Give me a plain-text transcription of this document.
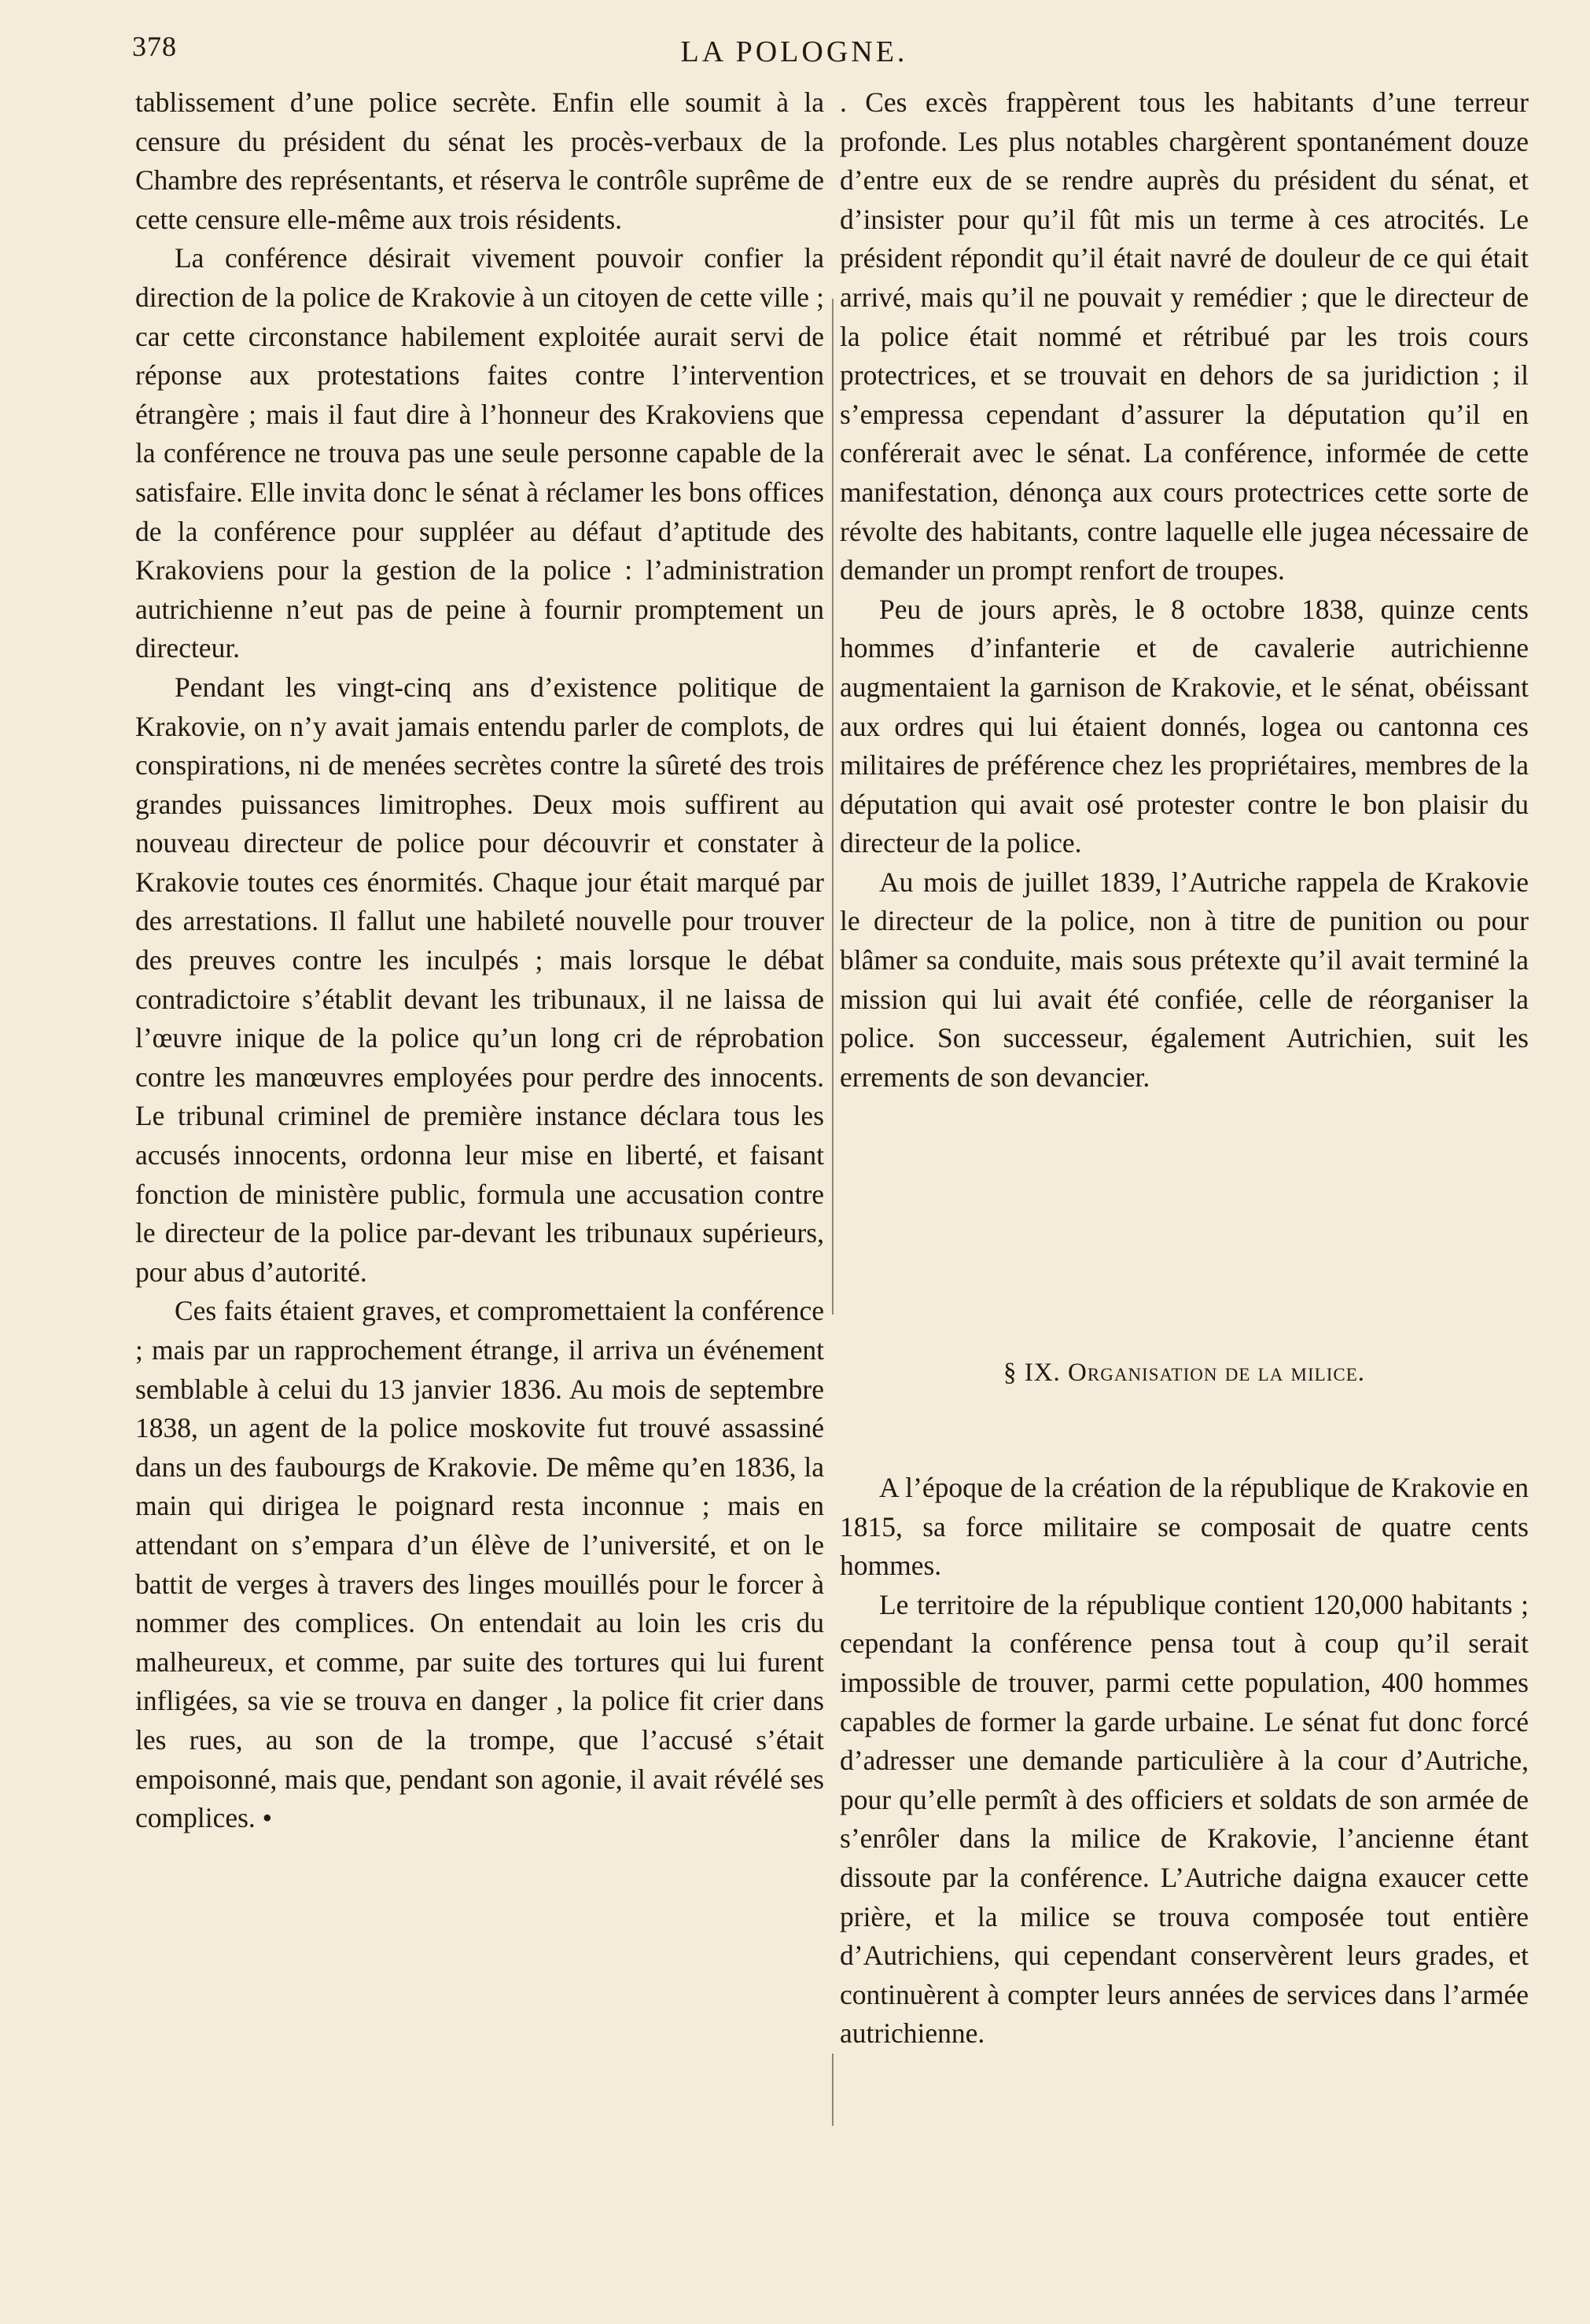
378	LA POLOGNE.

tablissement d’une police secrète. Enfin elle soumit à la censure du président du sénat les procès-verbaux de la Chambre des représentants, et réserva le contrôle suprême de cette censure elle-même aux trois résidents.

La conférence désirait vivement pouvoir confier la direction de la police de Krakovie à un citoyen de cette ville ; car cette circonstance habilement exploitée aurait servi de réponse aux protestations faites contre l’intervention étrangère ; mais il faut dire à l’honneur des Krakoviens que la conférence ne trouva pas une seule personne capable de la satisfaire. Elle invita donc le sénat à réclamer les bons offices de la conférence pour suppléer au défaut d’aptitude des Krakoviens pour la gestion de la police : l’administration autrichienne n’eut pas de peine à fournir promptement un directeur.

Pendant les vingt-cinq ans d’existence politique de Krakovie, on n’y avait jamais entendu parler de complots, de conspirations, ni de menées secrètes contre la sûreté des trois grandes puissances limitrophes. Deux mois suffirent au nouveau directeur de police pour découvrir et constater à Krakovie toutes ces énormités. Chaque jour était marqué par des arrestations. Il fallut une habileté nouvelle pour trouver des preuves contre les inculpés ; mais lorsque le débat contradictoire s’établit devant les tribunaux, il ne laissa de l’œuvre inique de la police qu’un long cri de réprobation contre les manœuvres employées pour perdre des innocents. Le tribunal criminel de première instance déclara tous les accusés innocents, ordonna leur mise en liberté, et faisant fonction de ministère public, formula une accusation contre le directeur de la police par-devant les tribunaux supérieurs, pour abus d’autorité.

Ces faits étaient graves, et compromettaient la conférence ; mais par un rapprochement étrange, il arriva un événement semblable à celui du 13 janvier 1836. Au mois de septembre 1838, un agent de la police moskovite fut trouvé assassiné dans un des faubourgs de Krakovie. De même qu’en 1836, la main qui dirigea le poignard resta inconnue ; mais en attendant on s’empara d’un élève de l’université, et on le battit de verges à travers des linges mouillés pour le forcer à nommer des complices. On entendait au loin les cris du malheureux, et comme, par suite des tortures qui lui furent infligées, sa vie se trouva en danger , la police fit crier dans les rues, au son de la trompe, que l’accusé s’était empoisonné, mais que, pendant son agonie, il avait révélé ses complices. •

. Ces excès frappèrent tous les habitants d’une terreur profonde. Les plus notables chargèrent spontanément douze d’entre eux de se rendre auprès du président du sénat, et d’insister pour qu’il fût mis un terme à ces atrocités. Le président répondit qu’il était navré de douleur de ce qui était arrivé, mais qu’il ne pouvait y remédier ; que le directeur de la police était nommé et rétribué par les trois cours protectrices, et se trouvait en dehors de sa juridiction ; il s’empressa cependant d’assurer la députation qu’il en conférerait avec le sénat. La conférence, informée de cette manifestation, dénonça aux cours protectrices cette sorte de révolte des habitants, contre laquelle elle jugea nécessaire de demander un prompt renfort de troupes.

Peu de jours après, le 8 octobre 1838, quinze cents hommes d’infanterie et de cavalerie autrichienne augmentaient la garnison de Krakovie, et le sénat, obéissant aux ordres qui lui étaient donnés, logea ou cantonna ces militaires de préférence chez les propriétaires, membres de la députation qui avait osé protester contre le bon plaisir du directeur de la police.

Au mois de juillet 1839, l’Autriche rappela de Krakovie le directeur de la police, non à titre de punition ou pour blâmer sa conduite, mais sous prétexte qu’il avait terminé la mission qui lui avait été confiée, celle de réorganiser la police. Son successeur, également Autrichien, suit les errements de son devancier.

§ IX. Organisation de la milice.

A l’époque de la création de la république de Krakovie en 1815, sa force militaire se composait de quatre cents hommes.

Le territoire de la république contient 120,000 habitants ; cependant la conférence pensa tout à coup qu’il serait impossible de trouver, parmi cette population, 400 hommes capables de former la garde urbaine. Le sénat fut donc forcé d’adresser une demande particulière à la cour d’Autriche, pour qu’elle permît à des officiers et soldats de son armée de s’enrôler dans la milice de Krakovie, l’ancienne étant dissoute par la conférence. L’Autriche daigna exaucer cette prière, et la milice se trouva composée tout entière d’Autrichiens, qui cependant conservèrent leurs grades, et continuèrent à compter leurs années de services dans l’armée autrichienne.
